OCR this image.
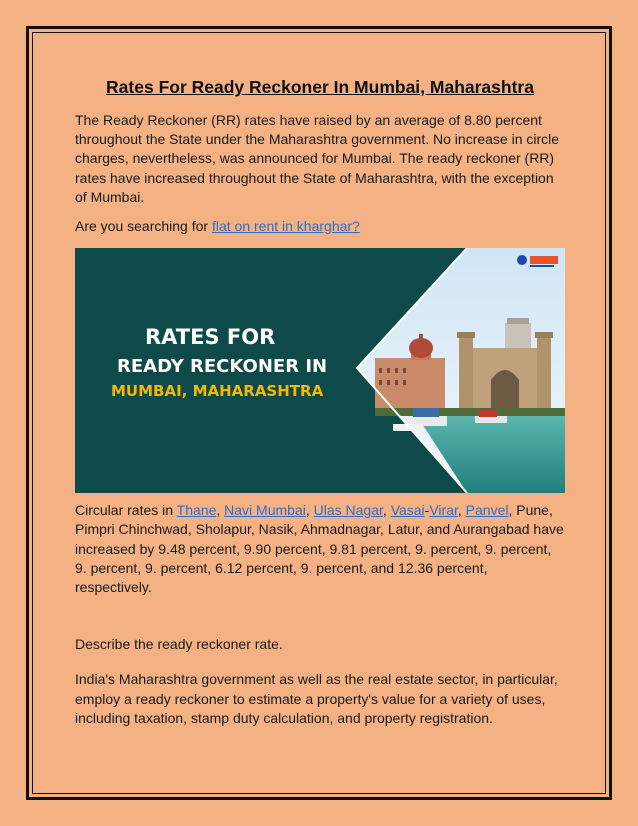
Rates For Ready Reckoner In Mumbai, Maharashtra

The Ready Reckoner (RR) rates have raised by an average of 8.80 percent throughout the State under the Maharashtra government. No increase in circle charges, nevertheless, was announced for Mumbai. The ready reckoner (RR) rates have increased throughout the State of Maharashtra, with the exception of Mumbai.

Are you searching for flat on rent in kharghar?

RATES FOR
READY RECKONER IN
MUMBAI, MAHARASHTRA

Circular rates in Thane, Navi Mumbai, Ulas Nagar, Vasai-Virar, Panvel, Pune, Pimpri Chinchwad, Sholapur, Nasik, Ahmadnagar, Latur, and Aurangabad have increased by 9.48 percent, 9.90 percent, 9.81 percent, 9. percent, 9. percent, 9. percent, 9. percent, 6.12 percent, 9. percent, and 12.36 percent, respectively.

Describe the ready reckoner rate.

India's Maharashtra government as well as the real estate sector, in particular, employ a ready reckoner to estimate a property's value for a variety of uses, including taxation, stamp duty calculation, and property registration.
